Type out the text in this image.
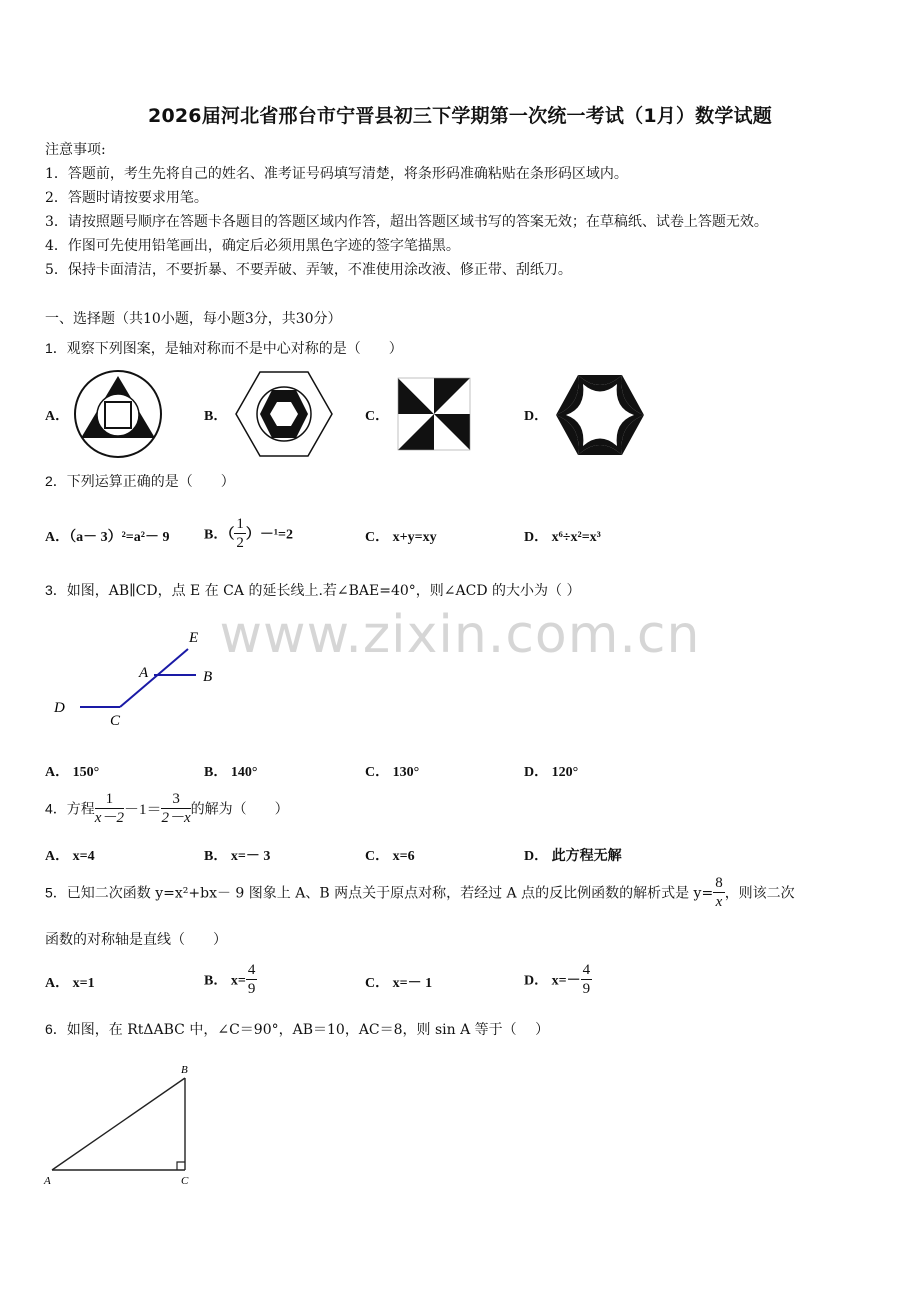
2026届河北省邢台市宁晋县初三下学期第一次统一考试（1月）数学试题
注意事项:
1．答题前，考生先将自己的姓名、准考证号码填写清楚，将条形码准确粘贴在条形码区域内。
2．答题时请按要求用笔。
3．请按照题号顺序在答题卡各题目的答题区域内作答，超出答题区域书写的答案无效；在草稿纸、试卷上答题无效。
4．作图可先使用铅笔画出，确定后必须用黑色字迹的签字笔描黑。
5．保持卡面清洁，不要折暴、不要弄破、弄皱，不准使用涂改液、修正带、刮纸刀。
一、选择题（共10小题，每小题3分，共30分）
www.zixin.com.cn
1．观察下列图案，是轴对称而不是中心对称的是（　　）
A．	B．	C．	D．
2．下列运算正确的是（　　）
A．（a－ 3）²=a²－ 9 B．（ $\frac{1}{2} )-^1=2$	C． x+y=xy	D． x⁶÷x²=x³
3．如图，AB∥CD，点 E 在 CA 的延长线上.若∠BAE=40°，则∠ACD 的大小为（ ）
E
A	B
D
C
A． 150°	B． 140°	C． 130°	D． 120°
4．方程 $\frac{1}{x-2} -1= \frac{3}{2-x}$ 的解为（　　）
A． x=4	B． x=－ 3	C． x=6	D． 此方程无解
5．已知二次函数 y=x²+bx－ 9 图象上 A、B 两点关于原点对称，若经过 A 点的反比例函数的解析式是 $y= \frac{8}{x}$ ，则该二次
函数的对称轴是直线（　　）
A． x=1	B． $x= \frac{4}{9}$	C． x=－ 1	D． $x=- \frac{4}{9}$
6．如图，在 RtΔABC 中，∠C＝90°，AB＝10，AC＝8，则 sin A 等于（　 ）
B
A	C
